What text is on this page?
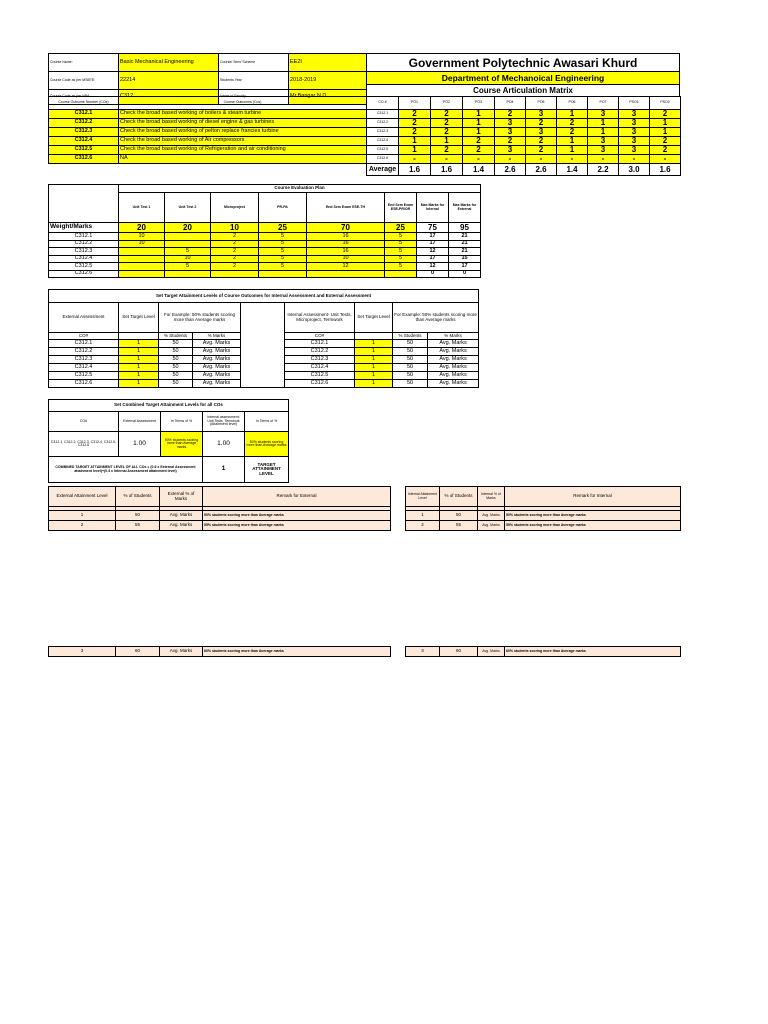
Course Name:	Basic Mechanical Engineering	Course/ Sem/ Scheme	EE2I
Course Code as per MSBTE:	22214	Students Year	2018-2019
Course Code as per NBA:	C312	Name of Faculty	Mr.Bangar N.D.
Government Polytechnic Awasari Khurd
Department of Mechanoical Engineering
Course Articulation Matrix
Course Outcome Number (COs)	Course Outcomes (Cos)	CO #	PO1	PO2	PO3	PO4	PO5	PO6	PO7	PSO1	PSO2
C312.1	Check the broad based working of boilers & steam turbine	C312.1	2	2	1	2	3	1	3	3	2
C312.2	Check the broad based working of diesel engine & gas turbines	C312.2	2	2	1	3	2	2	1	3	1
C312.3	Check the broad based working of pelton replace francies turbine	C312.3	2	2	1	3	3	2	1	3	1
C312.4	Check the broad based working of Air compressors	C312.4	1	1	2	2	2	1	3	3	2
C312.5	Check the broad based working of Refrigeration and air conditioning	C312.5	1	2	2	3	2	1	3	3	2
C312.6	NA	C312.6	-	-	-	-	-	-	-	-	-
		Average	1.6	1.6	1.4	2.6	2.6	1.4	2.2	3.0	1.6
	Course Evaluation Plan							
	Unit Test 1	Unit Test 2	Microproject	PR-PA	End Sem Exam ESE-TH	End Sem Exam ESE-PR/OR	Max Marks for Internal	Max Marks for External
Weight/Marks	20	20	10	25	70	25	75	95
C312.1	10		2	5	16	5	17	21
C312.2	10		2	5	16	5	17	21
C312.3		5	2	5	16	5	12	21
C312.4		10	2	5	10	5	17	15
C312.5		5	2	5	12	5	12	17
C312.6							0	0
Set Target Attainment Levels of Course Outcomes for Internal Assessment and External Assessment								
External Assessment	Set Target Level	For Example: 50% students scoring more than Average marks			Internal Assessment- Unit Tests, Microproject, Termwork	Set Target Level	For Example: 50% students scoring more than Average marks	
CO#		% Students	% Marks		CO#		% Students	% Marks
C312.1	1	50	Avg. Marks		C312.1	1	50	Avg. Marks
C312.2	1	50	Avg. Marks		C312.2	1	50	Avg. Marks
C312.3	1	50	Avg. Marks		C312.3	1	50	Avg. Marks
C312.4	1	50	Avg. Marks		C312.4	1	50	Avg. Marks
C312.5	1	50	Avg. Marks		C312.5	1	50	Avg. Marks
C312.6	1	50	Avg. Marks		C312.6	1	50	Avg. Marks
Set Combined Target Attainment Levels for all COs				
CO#	External Assessment	In Terms of %	Internal assessment: Unit Tests, Termwork (Attainment level)	In Terms of %
C312.1, C312.2, C312.3, C312.4, C312.5, C312.6	1.00	50% students scoring more than Average marks	1.00	50% students scoring more than Average marks
COMBINED TARGET ATTAINMENT LEVEL OF ALL COs = (0.6 x External Assessment attainment level)+(0.4 x Internal Assessment attainment level)			1	TARGET ATTAINMENT LEVEL
External Attainment Level	% of Students	External % of Marks	Remark for External

1	50	Avg. Marks	50% students scoring more than Average marks
2	55	Avg. Marks	55% students scoring more than Average marks
Internal Attainment Level	% of Students	Internal % of Marks	Remark for Internal

1	50	Avg. Marks	50% students scoring more than Average marks
2	55	Avg. Marks	55% students scoring more than Average marks
3	60	Avg. Marks	60% students scoring more than Average marks	3	60	Avg. Marks	60% students scoring more than Average marks
